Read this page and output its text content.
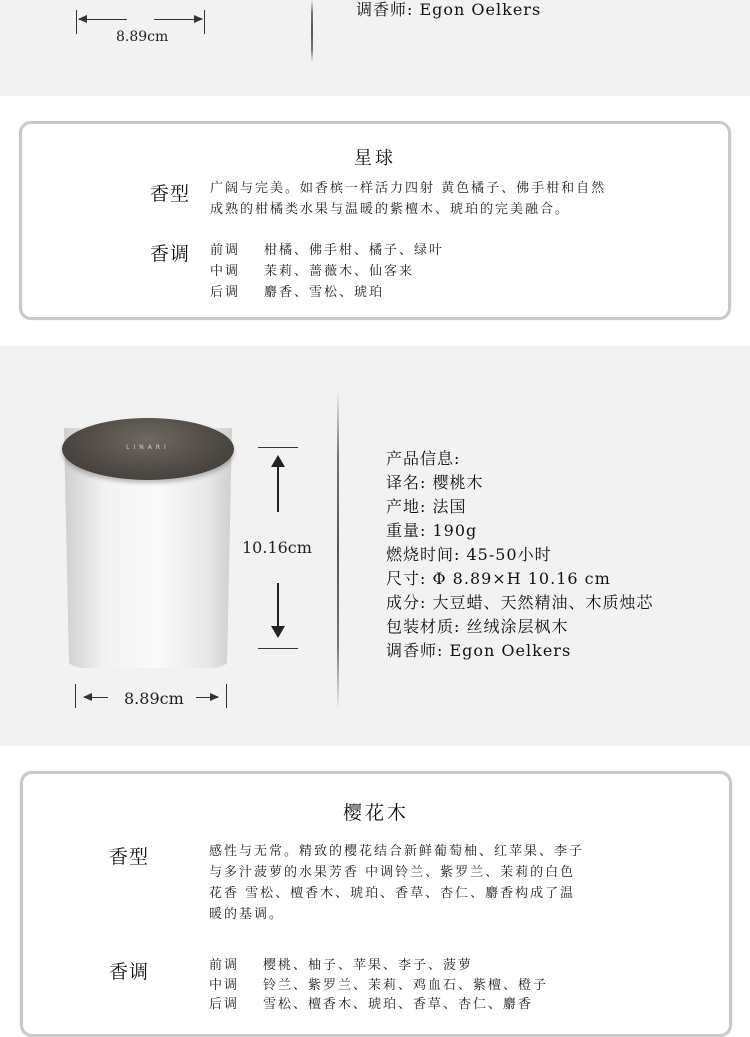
8.89cm
调香师: Egon Oelkers
星球
香型 广阔与完美。如香槟一样活力四射 黄色橘子、佛手柑和自然
成熟的柑橘类水果与温暖的紫檀木、琥珀的完美融合。
香调 前调 柑橘、佛手柑、橘子、绿叶
中调 茉莉、蔷薇木、仙客来
后调 麝香、雪松、琥珀
LINARI
10.16cm
8.89cm
产品信息:
译名: 樱桃木
产地: 法国
重量: 190g
燃烧时间: 45-50小时
尺寸: Φ 8.89×H 10.16 cm
成分: 大豆蜡、天然精油、木质烛芯
包装材质: 丝绒涂层枫木
调香师: Egon Oelkers
樱花木
香型	感性与无常。精致的樱花结合新鲜葡萄柚、红苹果、李子
与多汁菠萝的水果芳香 中调铃兰、紫罗兰、茉莉的白色
花香 雪松、檀香木、琥珀、香草、杏仁、麝香构成了温
暖的基调。
香调	前调 樱桃、柚子、苹果、李子、菠萝
中调 铃兰、紫罗兰、茉莉、鸡血石、紫檀、橙子
后调 雪松、檀香木、琥珀、香草、杏仁、麝香
